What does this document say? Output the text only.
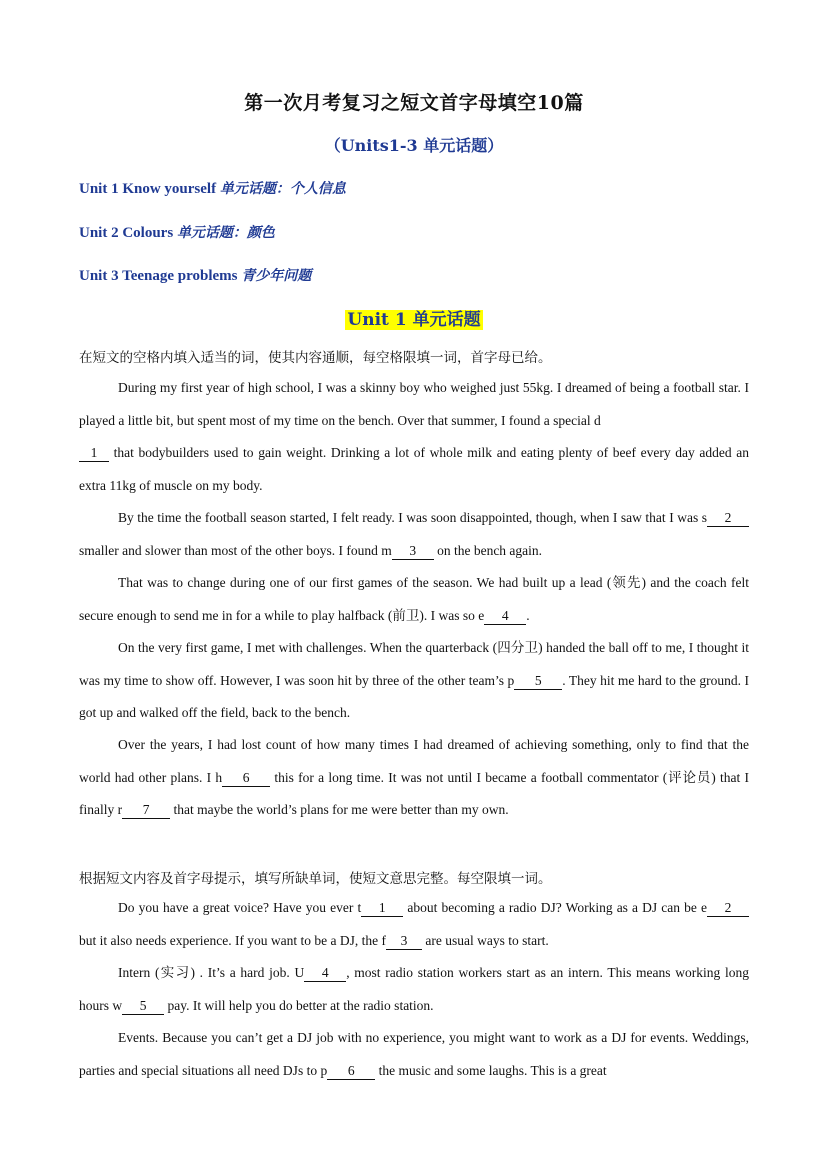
第一次月考复习之短文首字母填空10篇
（Units1-3 单元话题）
Unit 1 Know yourself 单元话题：个人信息
Unit 2 Colours 单元话题：颜色
Unit 3 Teenage problems 青少年问题
Unit 1 单元话题
在短文的空格内填入适当的词，使其内容通顺，每空格限填一词，首字母已给。
During my first year of high school, I was a skinny boy who weighed just 55kg. I dreamed of being a football star. I played a little bit, but spent most of my time on the bench. Over that summer, I found a special d
1 that bodybuilders used to gain weight. Drinking a lot of whole milk and eating plenty of beef every day added an extra 11kg of muscle on my body.
By the time the football season started, I felt ready. I was soon disappointed, though, when I saw that I was s 2 smaller and slower than most of the other boys. I found m 3 on the bench again.
That was to change during one of our first games of the season. We had built up a lead (领先) and the coach felt secure enough to send me in for a while to play halfback (前卫). I was so e 4 .
On the very first game, I met with challenges. When the quarterback (四分卫) handed the ball off to me, I thought it was my time to show off. However, I was soon hit by three of the other team’s p 5 . They hit me hard to the ground. I got up and walked off the field, back to the bench.
Over the years, I had lost count of how many times I had dreamed of achieving something, only to find that the world had other plans. I h 6 this for a long time. It was not until I became a football commentator (评论员) that I finally r 7 that maybe the world’s plans for me were better than my own.
根据短文内容及首字母提示，填写所缺单词，使短文意思完整。每空限填一词。
Do you have a great voice? Have you ever t 1 about becoming a radio DJ? Working as a DJ can be e 2 but it also needs experience. If you want to be a DJ, the f 3 are usual ways to start.
Intern (实习) . It’s a hard job. U 4 , most radio station workers start as an intern. This means working long hours w 5 pay. It will help you do better at the radio station.
Events. Because you can’t get a DJ job with no experience, you might want to work as a DJ for events. Weddings, parties and special situations all need DJs to p 6 the music and some laughs. This is a great
